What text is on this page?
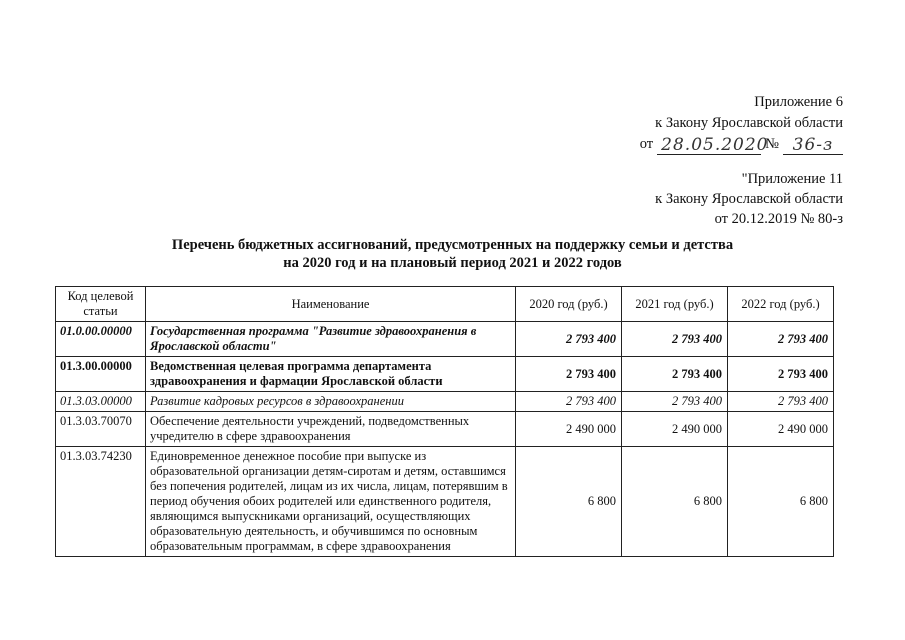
Приложение 6
к Закону Ярославской области
от 28.05.2020
№ 36-з
"Приложение 11
к Закону Ярославской области
от 20.12.2019 № 80-з
Перечень бюджетных ассигнований, предусмотренных на поддержку семьи и детства
на 2020 год и на плановый период 2021 и 2022 годов
Код целевой статьи	Наименование	2020 год (руб.)	2021 год (руб.)	2022 год (руб.)
01.0.00.00000	Государственная программа "Развитие здравоохранения в Ярославской области"	2 793 400	2 793 400	2 793 400
01.3.00.00000	Ведомственная целевая программа департамента здравоохранения и фармации Ярославской области	2 793 400	2 793 400	2 793 400
01.3.03.00000	Развитие кадровых ресурсов в здравоохранении	2 793 400	2 793 400	2 793 400
01.3.03.70070	Обеспечение деятельности учреждений, подведомственных учредителю в сфере здравоохранения	2 490 000	2 490 000	2 490 000
01.3.03.74230	Единовременное денежное пособие при выпуске из образовательной организации детям-сиротам и детям, оставшимся без попечения родителей, лицам из их числа, лицам, потерявшим в период обучения обоих родителей или единственного родителя, являющимся выпускниками организаций, осуществляющих образовательную деятельность, и обучившимся по основным образовательным программам, в сфере здравоохранения	6 800	6 800	6 800
